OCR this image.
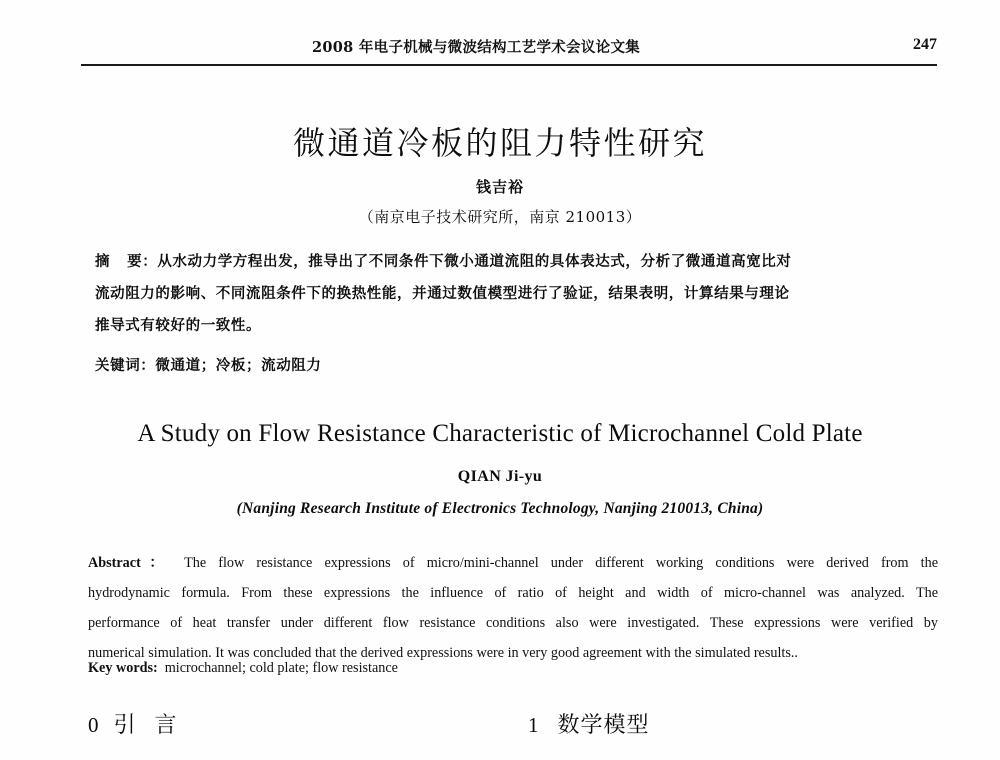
2008 年电子机械与微波结构工艺学术会议论文集	247
微通道冷板的阻力特性研究
钱吉裕
（南京电子技术研究所，南京 210013）
摘 要：从水动力学方程出发，推导出了不同条件下微小通道流阻的具体表达式，分析了微通道高宽比对
流动阻力的影响、不同流阻条件下的换热性能，并通过数值模型进行了验证，结果表明，计算结果与理论
推导式有较好的一致性。
关键词：微通道；冷板；流动阻力
A Study on Flow Resistance Characteristic of Microchannel Cold Plate
QIAN Ji-yu
(Nanjing Research Institute of Electronics Technology, Nanjing 210013, China)
Abstract： The flow resistance expressions of micro/mini-channel under different working conditions were derived from the
hydrodynamic formula. From these expressions the influence of ratio of height and width of micro-channel was analyzed. The
performance of heat transfer under different flow resistance conditions also were investigated. These expressions were verified by
numerical simulation. It was concluded that the derived expressions were in very good agreement with the simulated results..
Key words: microchannel; cold plate; flow resistance
0 引 言	1 数学模型
